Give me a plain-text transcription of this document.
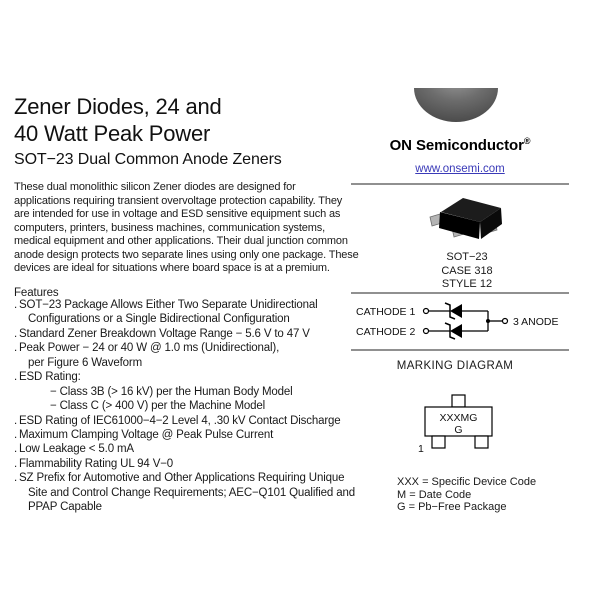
Zener Diodes, 24 and
40 Watt Peak Power
SOT−23 Dual Common Anode Zeners
These dual monolithic silicon Zener diodes are designed for
applications requiring transient overvoltage protection capability. They
are intended for use in voltage and ESD sensitive equipment such as
computers, printers, business machines, communication systems,
medical equipment and other applications. Their dual junction common
anode design protects two separate lines using only one package. These
devices are ideal for situations where board space is at a premium.
Features
. SOT−23 Package Allows Either Two Separate Unidirectional
Configurations or a Single Bidirectional Configuration
. Standard Zener Breakdown Voltage Range − 5.6 V to 47 V
. Peak Power − 24 or 40 W @ 1.0 ms (Unidirectional),
per Figure 6 Waveform
. ESD Rating:
− Class 3B (> 16 kV) per the Human Body Model
− Class C (> 400 V) per the Machine Model
. ESD Rating of IEC61000−4−2 Level 4, .30 kV Contact Discharge
. Maximum Clamping Voltage @ Peak Pulse Current
. Low Leakage < 5.0 mA
. Flammability Rating UL 94 V−0
. SZ Prefix for Automotive and Other Applications Requiring Unique
Site and Control Change Requirements; AEC−Q101 Qualified and
PPAP Capable
ON Semiconductor®
www.onsemi.com
SOT−23
CASE 318
STYLE 12
CATHODE 1
CATHODE 2
3 ANODE
MARKING DIAGRAM
XXXMG
G
1
XXX = Specific Device Code
M = Date Code
G = Pb−Free Package
